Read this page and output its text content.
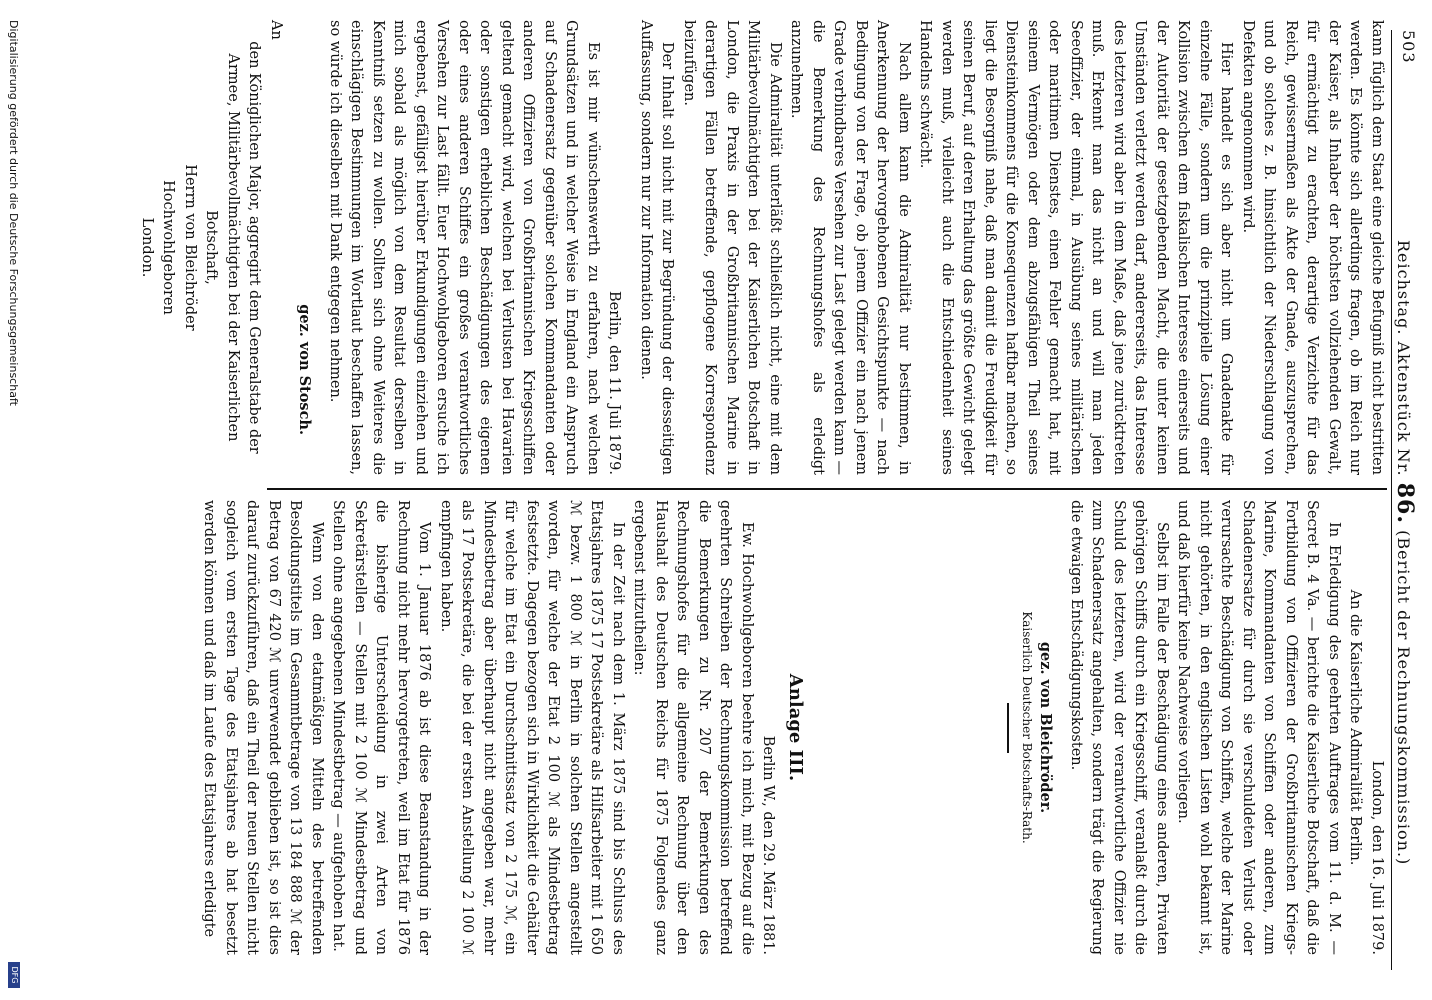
503
Reichstag. Aktenstück Nr. 86. (Bericht der Rechnungskommission.)

London, den 16. Juli 1879.

An die Kaiserliche Admiralität Berlin.

In Erledigung des geehrten Auftrages vom 11. d. M. — Secret B. 4 Va. — berichte die Kaiserliche Botschaft, daß die Fortbildung von Offizieren der Großbritannischen Kriegs-Marine, Kommandanten von Schiffen oder anderen, zum Schadenersatze für durch sie verschuldeten Verlust oder verursachte Beschädigung von Schiffen, welche der Marine nicht gehörten, in den englischen Listen wohl bekannt ist, und daß hierfür keine Nachweise vorliegen.

Selbst im Falle der Beschädigung eines anderen, Privaten gehörigen Schiffs durch ein Kriegsschiff, veranlaßt durch die Schuld des letzteren, wird der verantwortliche Offizier nie zum Schadenersatz angehalten, sondern trägt die Regierung die etwaigen Entschädigungskosten.

gez. von Bleichröder.

Kaiserlich Deutscher Botschafts-Rath.

Anlage III.

Berlin W., den 29. März 1881.

Ew. Hochwohlgeboren beehre ich mich, mit Bezug auf die geehrten Schreiben der Rechnungskommission betreffend die Bemerkungen zu Nr. 207 der Bemerkungen des Rechnungshofes für die allgemeine Rechnung über den Haushalt des Deutschen Reichs für 1875 Folgendes ganz ergebenst mitzutheilen:

In der Zeit nach dem 1. März 1875 sind bis Schluss des Etatsjahres 1875 17 Postsekretäre als Hilfsarbeiter mit 1 650 ℳ bezw. 1 800 ℳ in Berlin in solchen Stellen angestellt worden, für welche der Etat 2 100 ℳ als Mindestbetrag festsetzte. Dagegen bezogen sich in Wirklichkeit die Gehälter für welche im Etat ein Durchschnittssatz von 2 175 ℳ, ein Mindestbetrag aber überhaupt nicht angegeben war, mehr als 17 Postsekretäre, die bei der ersten Anstellung 2 100 ℳ empfingen haben.

Vom 1. Januar 1876 ab ist diese Beanstandung in der Rechnung nicht mehr hervorgetreten, weil im Etat für 1876 die bisherige Unterscheidung in zwei Arten von Sekretärstellen — Stellen mit 2 100 ℳ Mindestbetrag und Stellen ohne angegebenen Mindestbetrag — aufgehoben hat.

Wenn von den etatmäßigen Mitteln des betreffenden Besoldungstitels im Gesammtbetrage von 13 184 888 ℳ der Betrag von 67 420 ℳ unverwendet geblieben ist, so ist dies darauf zurückzuführen, daß ein Theil der neuen Stellen nicht sogleich vom ersten Tage des Etatsjahres ab hat besetzt werden können und daß im Laufe des Etatsjahres erledigte

kann füglich dem Staat eine gleiche Befugniß nicht bestritten werden. Es könnte sich allerdings fragen, ob im Reich nur der Kaiser, als Inhaber der höchsten vollziehenden Gewalt, für ermächtigt zu erachten, derartige Verzichte für das Reich, gewissermaßen als Akte der Gnade, auszusprechen, und ob solches z. B. hinsichtlich der Niederschlagung von Defekten angenommen wird.

Hier handelt es sich aber nicht um Gnadenakte für einzelne Fälle, sondern um die prinzipielle Lösung einer Kollision zwischen dem fiskalischen Interesse einerseits und der Autorität der gesetzgebenden Macht, die unter keinen Umständen verletzt werden darf, andererseits, das Interesse des letzteren wird aber in dem Maße, daß jene zurücktreten muß. Erkennt man das nicht an und will man jeden Seeoffizier, der einmal, in Ausübung seines militärischen oder maritimen Dienstes, einen Fehler gemacht hat, mit seinem Vermögen oder dem abzugsfähigen Theil seines Diensteinkommens für die Konsequenzen haftbar machen, so liegt die Besorgniß nahe, daß man damit die Freudigkeit für seinen Beruf, auf deren Erhaltung das größte Gewicht gelegt werden muß, vielleicht auch die Entschiedenheit seines Handelns schwächt.

Nach allem kann die Admiralität nur bestimmen, in Anerkennung der hervorgehobenen Gesichtspunkte — nach Bedingung von der Frage, ob jenem Offizier ein nach jenem Grade verbindbares Versehen zur Last gelegt werden kann — die Bemerkung des Rechnungshofes als erledigt anzunehmen.

Die Admiralität unterläßt schließlich nicht, eine mit dem Militärbevollmächtigten bei der Kaiserlichen Botschaft in London, die Praxis in der Großbritannischen Marine in derartigen Fällen betreffende, gepflogene Korrespondenz beizufügen.

Der Inhalt soll nicht mit zur Begründung der diesseitigen Auffassung, sondern nur zur Information dienen.

Berlin, den 11. Juli 1879.

Es ist mir wünschenswerth zu erfahren, nach welchen Grundsätzen und in welcher Weise in England ein Anspruch auf Schadenersatz gegenüber solchen Kommandanten oder anderen Offizieren von Großbritannischen Kriegsschiffen geltend gemacht wird, welchen bei Verlusten bei Havarien oder sonstigen erheblichen Beschädigungen des eigenen oder eines anderen Schiffes ein großes verantwortliches Versehen zur Last fällt. Euer Hochwohlgeboren ersuche ich ergebenst, gefälligst hierüber Erkundigungen einziehen und mich sobald als möglich von dem Resultat derselben in Kenntniß setzen zu wollen. Sollten sich ohne Weiteres die einschlägigen Bestimmungen im Wortlaut beschaffen lassen, so würde ich dieselben mit Dank entgegen nehmen.

gez. von Stosch.

An

den Königlichen Major, aggregirt dem Generalstabe der Armee, Militärbevollmächtigten bei der Kaiserlichen Botschaft,

Herrn von Bleichröder

Hochwohlgeboren

London.

Digitalisierung gefördert durch die Deutsche Forschungsgemeinschaft
DFG
